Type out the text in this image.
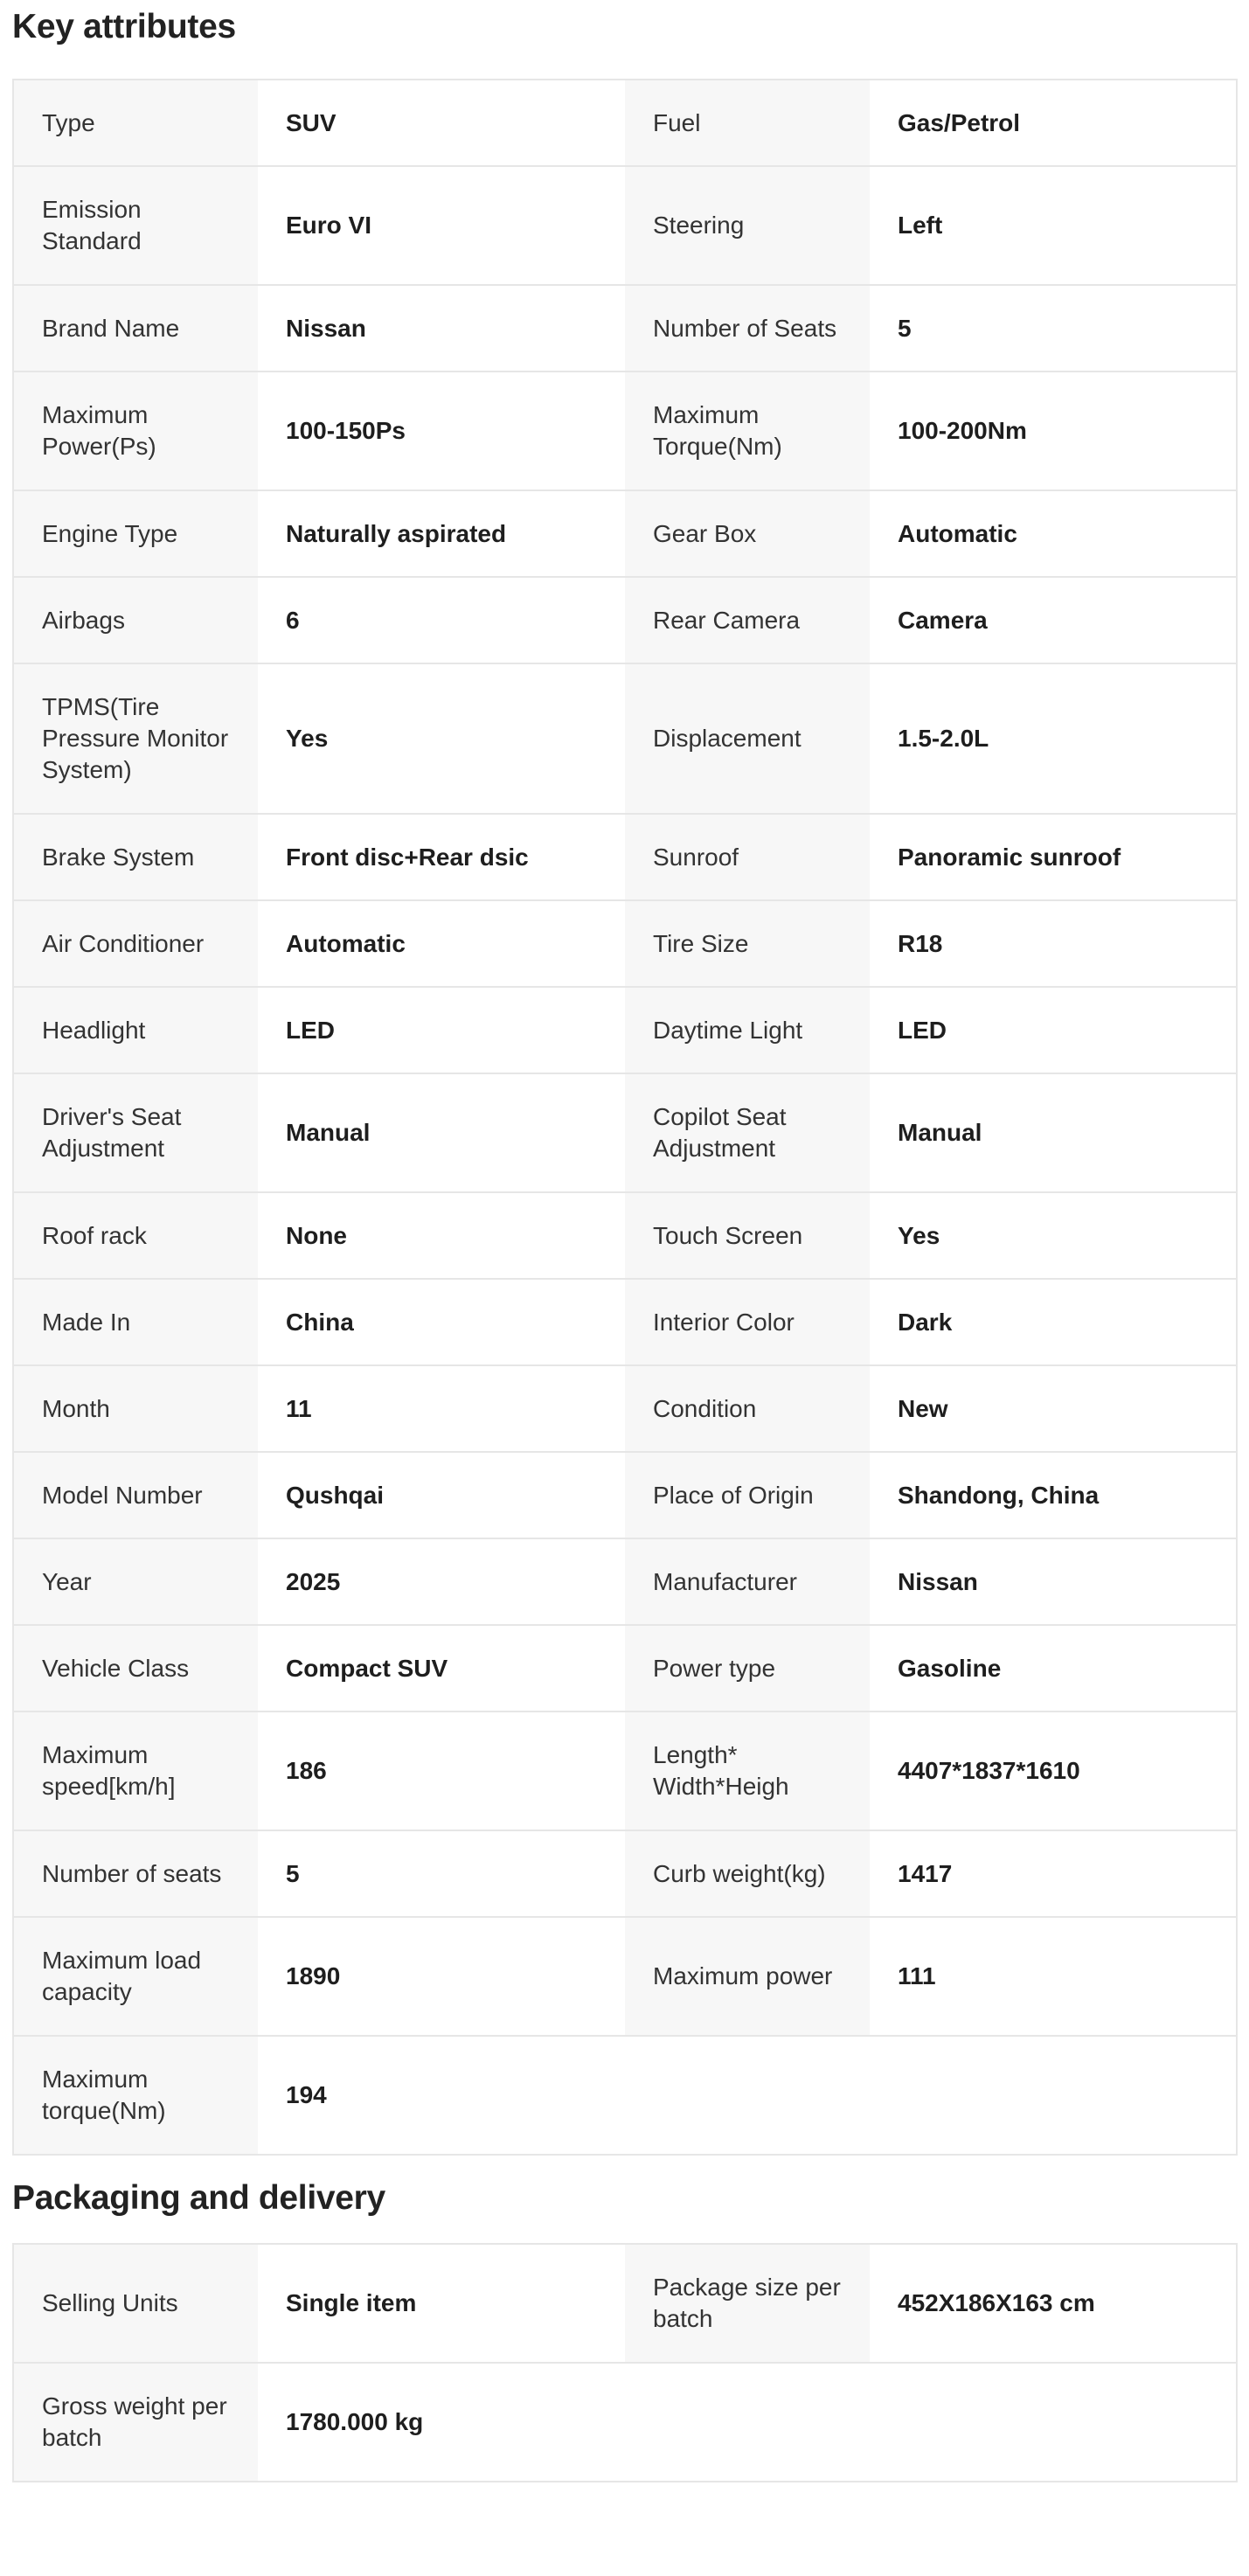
Key attributes
Type	SUV	Fuel	Gas/Petrol
Emission Standard	Euro VI	Steering	Left
Brand Name	Nissan	Number of Seats	5
Maximum Power(Ps)	100-150Ps	Maximum Torque(Nm)	100-200Nm
Engine Type	Naturally aspirated	Gear Box	Automatic
Airbags	6	Rear Camera	Camera
TPMS(Tire Pressure Monitor System)	Yes	Displacement	1.5-2.0L
Brake System	Front disc+Rear dsic	Sunroof	Panoramic sunroof
Air Conditioner	Automatic	Tire Size	R18
Headlight	LED	Daytime Light	LED
Driver's Seat Adjustment	Manual	Copilot Seat Adjustment	Manual
Roof rack	None	Touch Screen	Yes
Made In	China	Interior Color	Dark
Month	11	Condition	New
Model Number	Qushqai	Place of Origin	Shandong, China
Year	2025	Manufacturer	Nissan
Vehicle Class	Compact SUV	Power type	Gasoline
Maximum speed[km/h]	186	Length* Width*Heigh	4407*1837*1610
Number of seats	5	Curb weight(kg)	1417
Maximum load capacity	1890	Maximum power	111
Maximum torque(Nm)	194		
Packaging and delivery
Selling Units	Single item	Package size per batch	452X186X163 cm
Gross weight per batch	1780.000 kg		
